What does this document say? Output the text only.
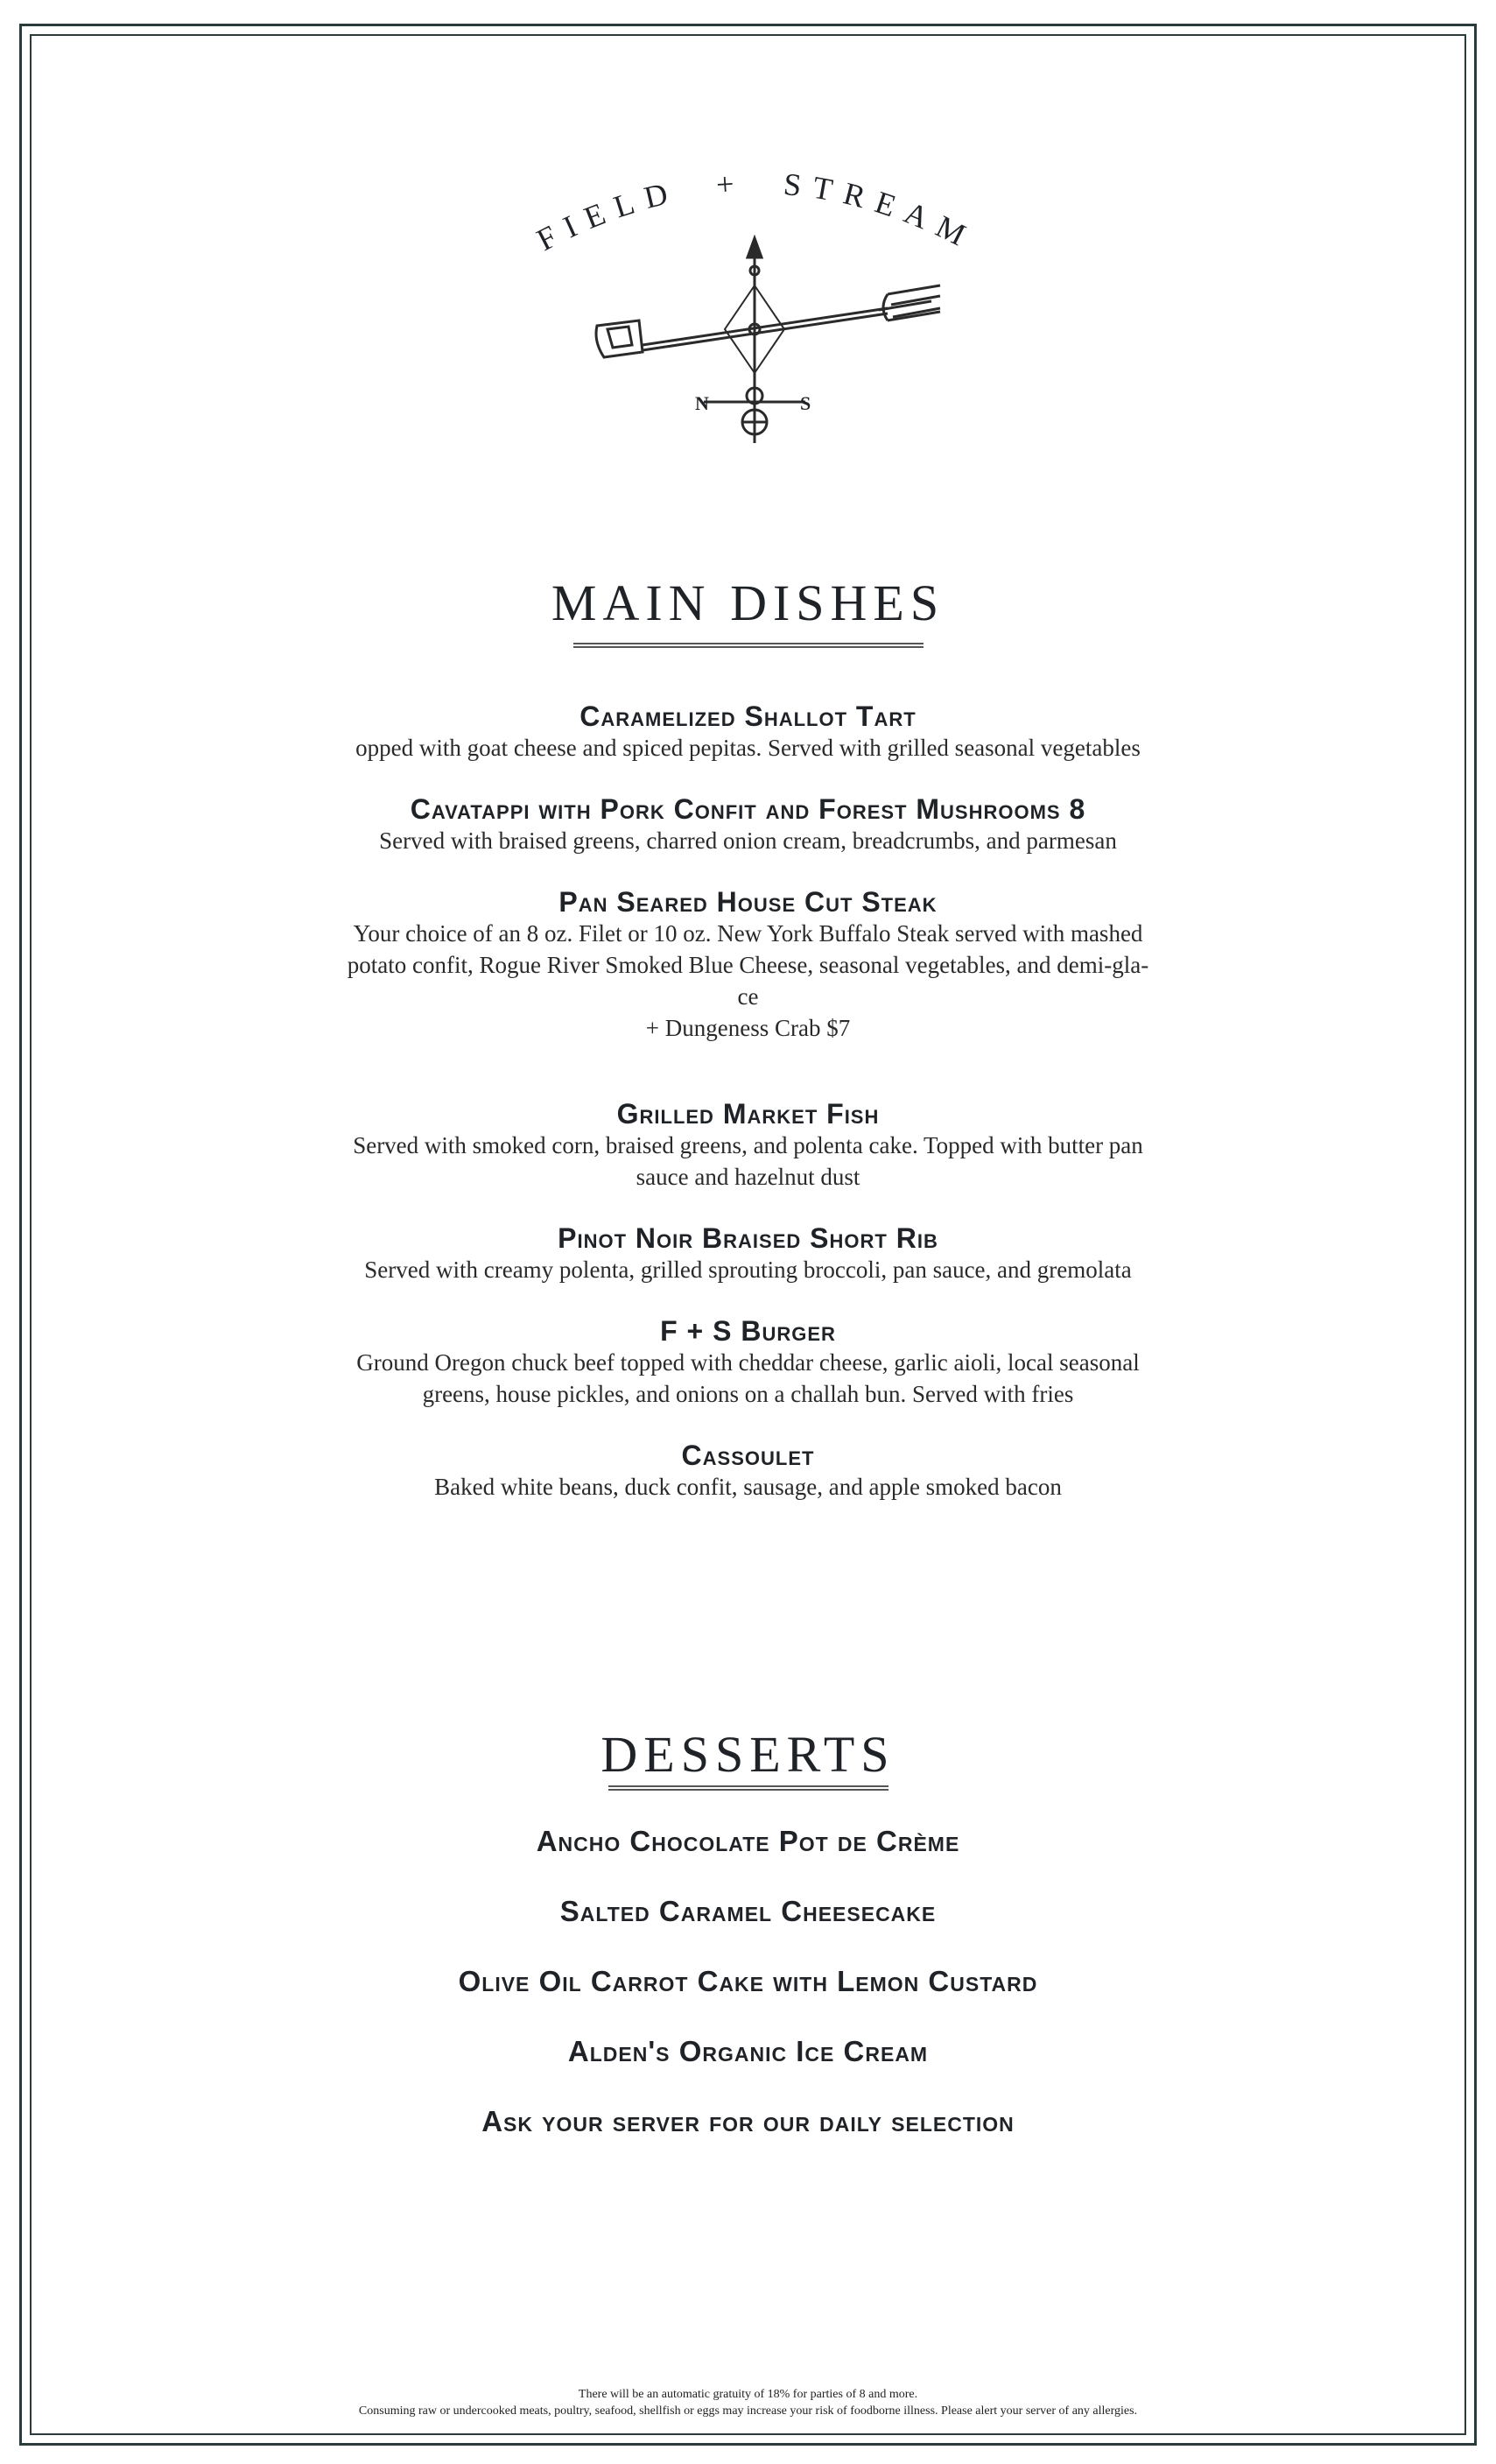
FIELD + STREAM
N	S
MAIN DISHES
Caramelized Shallot Tart
opped with goat cheese and spiced pepitas. Served with grilled seasonal vegetables
Cavatappi with Pork Confit and Forest Mushrooms 8
Served with braised greens, charred onion cream, breadcrumbs, and parmesan
Pan Seared House Cut Steak
Your choice of an 8 oz. Filet or 10 oz. New York Buffalo Steak served with mashed
potato confit, Rogue River Smoked Blue Cheese, seasonal vegetables, and demi-gla-
ce
+ Dungeness Crab $7
Grilled Market Fish
Served with smoked corn, braised greens, and polenta cake. Topped with butter pan
sauce and hazelnut dust
Pinot Noir Braised Short Rib
Served with creamy polenta, grilled sprouting broccoli, pan sauce, and gremolata
F + S Burger
Ground Oregon chuck beef topped with cheddar cheese, garlic aioli, local seasonal
greens, house pickles, and onions on a challah bun. Served with fries
Cassoulet
Baked white beans, duck confit, sausage, and apple smoked bacon
DESSERTS
Ancho Chocolate Pot de Crème
Salted Caramel Cheesecake
Olive Oil Carrot Cake with Lemon Custard
Alden's Organic Ice Cream
Ask your server for our daily selection
There will be an automatic gratuity of 18% for parties of 8 and more.
Consuming raw or undercooked meats, poultry, seafood, shellfish or eggs may increase your risk of foodborne illness. Please alert your server of any allergies.
